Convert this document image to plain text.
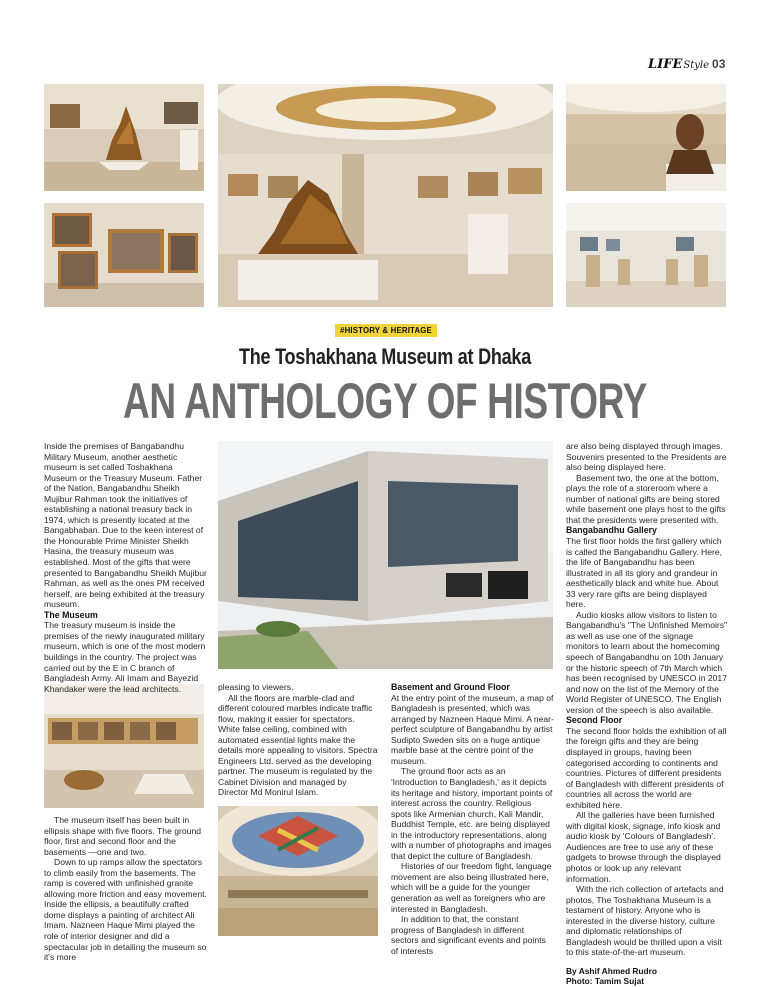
LIFEStyle 03
#HISTORY & HERITAGE
The Toshakhana Museum at Dhaka
AN ANTHOLOGY OF HISTORY

Inside the premises of Bangabandhu Military Museum, another aesthetic museum is set called Toshakhana Museum or the Treasury Museum. Father of the Nation, Bangabandhu Sheikh Mujibur Rahman took the initiatives of establishing a national treasury back in 1974, which is presently located at the Bangabhaban. Due to the keen interest of the Honourable Prime Minister Sheikh Hasina, the treasury museum was established. Most of the gifts that were presented to Bangabandhu Sheikh Mujibur Rahman, as well as the ones PM received herself, are being exhibited at the treasury museum.

The Museum

The treasury museum is inside the premises of the newly inaugurated military museum, which is one of the most modern buildings in the country. The project was carried out by the E in C branch of Bangladesh Army. Ali Imam and Bayezid Khandaker were the lead architects.

The museum itself has been built in ellipsis shape with five floors. The ground floor, first and second floor and the basements —one and two.

Down to up ramps allow the spectators to climb easily from the basements. The ramp is covered with unfinished granite allowing more friction and easy movement. Inside the ellipsis, a beautifully crafted dome displays a painting of architect Ali Imam. Nazneen Haque Mimi played the role of interior designer and did a spectacular job in detailing the museum so it's more

pleasing to viewers.

All the floors are marble-clad and different coloured marbles indicate traffic flow, making it easier for spectators. White false ceiling, combined with automated essential lights make the details more appealing to visitors. Spectra Engineers Ltd. served as the developing partner. The museum is regulated by the Cabinet Division and managed by Director Md Monirul Islam.

Basement and Ground Floor

At the entry point of the museum, a map of Bangladesh is presented, which was arranged by Nazneen Haque Mimi. A near-perfect sculpture of Bangabandhu by artist Sudipto Sweden sits on a huge antique marble base at the centre point of the museum.

The ground floor acts as an 'Introduction to Bangladesh,' as it depicts its heritage and history, important points of interest across the country. Religious spots like Armenian church, Kali Mandir, Buddhist Temple, etc. are being displayed in the introductory representations, along with a number of photographs and images that depict the culture of Bangladesh.

Histories of our freedom fight, language movement are also being illustrated here, which will be a guide for the younger generation as well as foreigners who are interested in Bangladesh.

In addition to that, the constant progress of Bangladesh in different sectors and significant events and points of interests

are also being displayed through images. Souvenirs presented to the Presidents are also being displayed here.

Basement two, the one at the bottom, plays the role of a storeroom where a number of national gifts are being stored while basement one plays host to the gifts that the presidents were presented with.

Bangabandhu Gallery

The first floor holds the first gallery which is called the Bangabandhu Gallery. Here, the life of Bangabandhu has been illustrated in all its glory and grandeur in aesthetically black and white hue. About 33 very rare gifts are being displayed here.

Audio kiosks allow visitors to listen to Bangabandhu's "The Unfinished Memoirs" as well as use one of the signage monitors to learn about the homecoming speech of Bangabandhu on 10th January or the historic speech of 7th March which has been recognised by UNESCO in 2017 and now on the list of the Memory of the World Register of UNESCO. The English version of the speech is also available.

Second Floor

The second floor holds the exhibition of all the foreign gifts and they are being displayed in groups, having been categorised according to continents and countries. Pictures of different presidents of Bangladesh with different presidents of countries all across the world are exhibited here.

All the galleries have been furnished with digital kiosk, signage, info kiosk and audio kiosk by 'Colours of Bangladesh'. Audiences are free to use any of these gadgets to browse through the displayed photos or look up any relevant information.

With the rich collection of artefacts and photos, The Toshakhana Museum is a testament of history. Anyone who is interested in the diverse history, culture and diplomatic relationships of Bangladesh would be thrilled upon a visit to this state-of-the-art museum.

By Ashif Ahmed Rudro
Photo: Tamim Sujat
